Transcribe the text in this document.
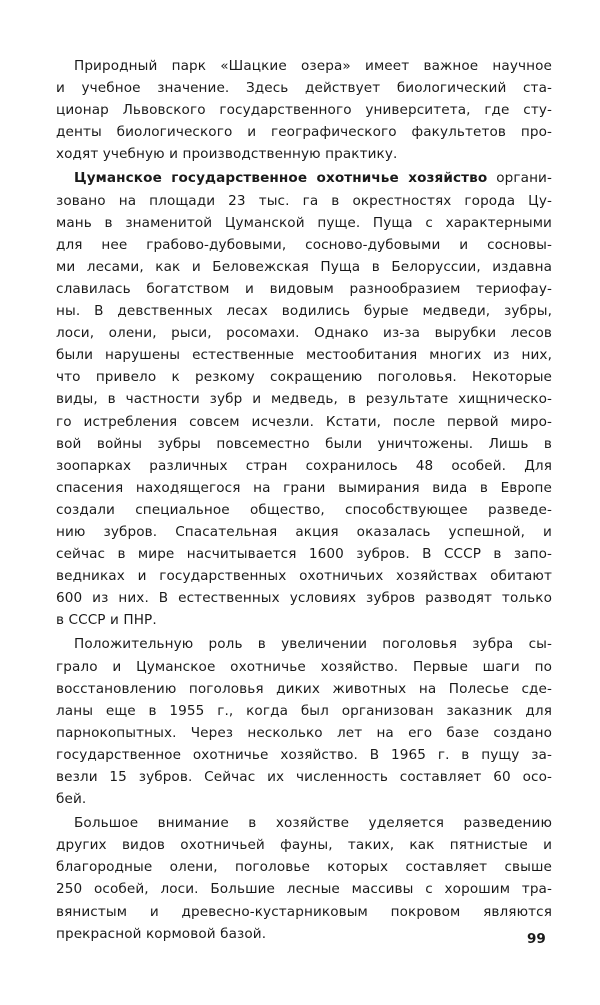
Природный парк «Шацкие озера» имеет важное научное
и учебное значение. Здесь действует биологический ста-
ционар Львовского государственного университета, где сту-
денты биологического и географического факультетов про-
ходят учебную и производственную практику.
Цуманское государственное охотничье хозяйство органи-
зовано на площади 23 тыс. га в окрестностях города Цу-
мань в знаменитой Цуманской пуще. Пуща с характерными
для нее грабово-дубовыми, сосново-дубовыми и сосновы-
ми лесами, как и Беловежская Пуща в Белоруссии, издавна
славилась богатством и видовым разнообразием териофау-
ны. В девственных лесах водились бурые медведи, зубры,
лоси, олени, рыси, росомахи. Однако из-за вырубки лесов
были нарушены естественные местообитания многих из них,
что привело к резкому сокращению поголовья. Некоторые
виды, в частности зубр и медведь, в результате хищническо-
го истребления совсем исчезли. Кстати, после первой миро-
вой войны зубры повсеместно были уничтожены. Лишь в
зоопарках различных стран сохранилось 48 особей. Для
спасения находящегося на грани вымирания вида в Европе
создали специальное общество, способствующее разведе-
нию зубров. Спасательная акция оказалась успешной, и
сейчас в мире насчитывается 1600 зубров. В СССР в запо-
ведниках и государственных охотничьих хозяйствах обитают
600 из них. В естественных условиях зубров разводят только
в СССР и ПНР.
Положительную роль в увеличении поголовья зубра сы-
грало и Цуманское охотничье хозяйство. Первые шаги по
восстановлению поголовья диких животных на Полесье сде-
ланы еще в 1955 г., когда был организован заказник для
парнокопытных. Через несколько лет на его базе создано
государственное охотничье хозяйство. В 1965 г. в пущу за-
везли 15 зубров. Сейчас их численность составляет 60 осо-
бей.
Большое внимание в хозяйстве уделяется разведению
других видов охотничьей фауны, таких, как пятнистые и
благородные олени, поголовье которых составляет свыше
250 особей, лоси. Большие лесные массивы с хорошим тра-
вянистым и древесно-кустарниковым покровом являются
прекрасной кормовой базой.	99
